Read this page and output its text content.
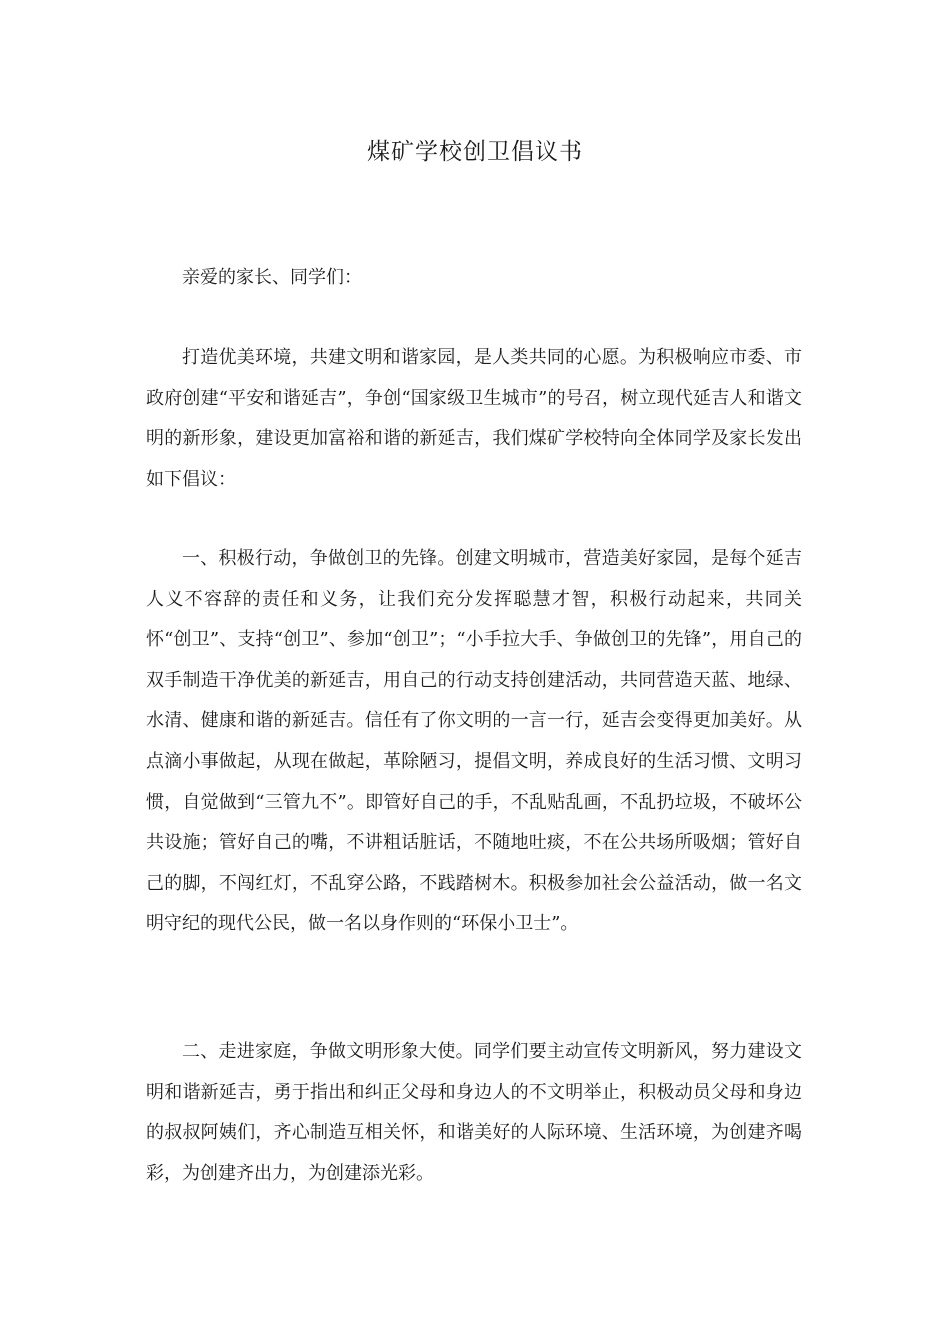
煤矿学校创卫倡议书

亲爱的家长、同学们：

打造优美环境，共建文明和谐家园，是人类共同的心愿。为积极响应市委、市政府创建“平安和谐延吉”，争创“国家级卫生城市”的号召，树立现代延吉人和谐文明的新形象，建设更加富裕和谐的新延吉，我们煤矿学校特向全体同学及家长发出如下倡议：

一、积极行动，争做创卫的先锋。创建文明城市，营造美好家园，是每个延吉人义不容辞的责任和义务，让我们充分发挥聪慧才智，积极行动起来，共同关怀“创卫”、支持“创卫”、参加“创卫”；“小手拉大手、争做创卫的先锋”，用自己的双手制造干净优美的新延吉，用自己的行动支持创建活动，共同营造天蓝、地绿、水清、健康和谐的新延吉。信任有了你文明的一言一行，延吉会变得更加美好。从点滴小事做起，从现在做起，革除陋习，提倡文明，养成良好的生活习惯、文明习惯，自觉做到“三管九不”。即管好自己的手，不乱贴乱画，不乱扔垃圾，不破坏公共设施；管好自己的嘴，不讲粗话脏话，不随地吐痰，不在公共场所吸烟；管好自己的脚，不闯红灯，不乱穿公路，不践踏树木。积极参加社会公益活动，做一名文明守纪的现代公民，做一名以身作则的“环保小卫士”。

二、走进家庭，争做文明形象大使。同学们要主动宣传文明新风，努力建设文明和谐新延吉，勇于指出和纠正父母和身边人的不文明举止，积极动员父母和身边的叔叔阿姨们，齐心制造互相关怀，和谐美好的人际环境、生活环境，为创建齐喝彩，为创建齐出力，为创建添光彩。
